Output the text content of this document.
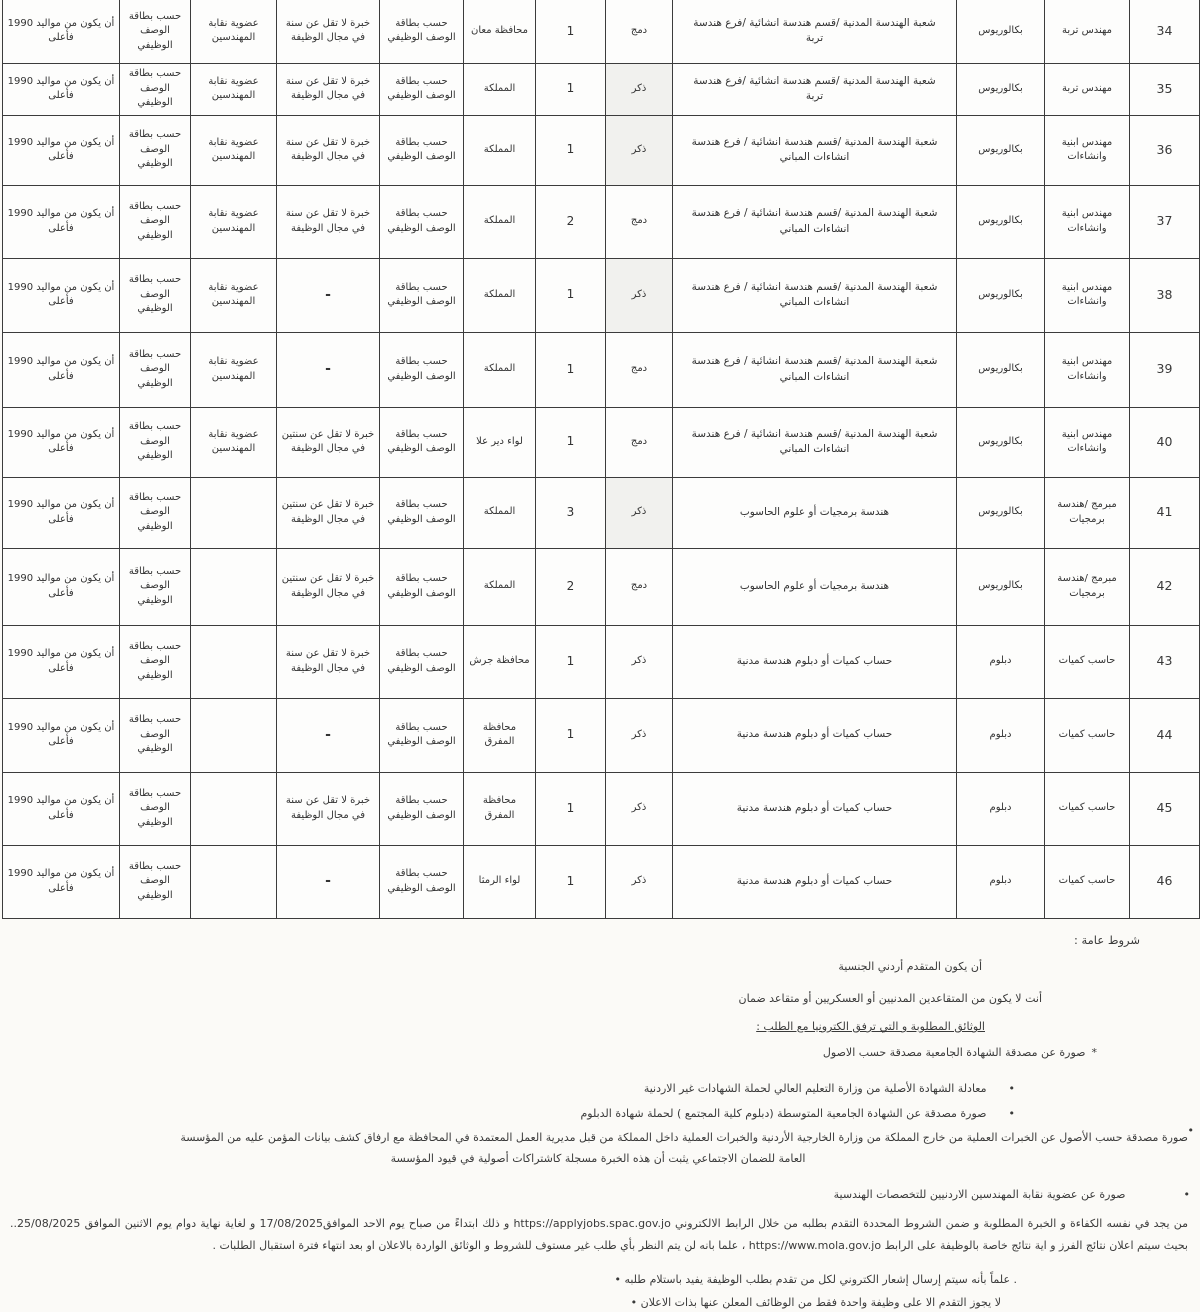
34	مهندس تربة	بكالوريوس	شعبة الهندسة المدنية /قسم هندسة انشائية /فرع هندسة تربة	دمج	1	محافظة معان	حسب بطاقة الوصف الوظيفي	خبرة لا تقل عن سنة في مجال الوظيفة	عضوية نقابة المهندسين	حسب بطاقة الوصف الوظيفي	أن يكون من مواليد 1990 فأعلى
35	مهندس تربة	بكالوريوس	شعبة الهندسة المدنية /قسم هندسة انشائية /فرع هندسة تربة	ذكر	1	المملكة	حسب بطاقة الوصف الوظيفي	خبرة لا تقل عن سنة في مجال الوظيفة	عضوية نقابة المهندسين	حسب بطاقة الوصف الوظيفي	أن يكون من مواليد 1990 فأعلى
36	مهندس ابنية وانشاءات	بكالوريوس	شعبة الهندسة المدنية /قسم هندسة انشائية / فرع هندسة انشاءات المباني	ذكر	1	المملكة	حسب بطاقة الوصف الوظيفي	خبرة لا تقل عن سنة في مجال الوظيفة	عضوية نقابة المهندسين	حسب بطاقة الوصف الوظيفي	أن يكون من مواليد 1990 فأعلى
37	مهندس ابنية وانشاءات	بكالوريوس	شعبة الهندسة المدنية /قسم هندسة انشائية / فرع هندسة انشاءات المباني	دمج	2	المملكة	حسب بطاقة الوصف الوظيفي	خبرة لا تقل عن سنة في مجال الوظيفة	عضوية نقابة المهندسين	حسب بطاقة الوصف الوظيفي	أن يكون من مواليد 1990 فأعلى
38	مهندس ابنية وانشاءات	بكالوريوس	شعبة الهندسة المدنية /قسم هندسة انشائية / فرع هندسة انشاءات المباني	ذكر	1	المملكة	حسب بطاقة الوصف الوظيفي	-	عضوية نقابة المهندسين	حسب بطاقة الوصف الوظيفي	أن يكون من مواليد 1990 فأعلى
39	مهندس ابنية وانشاءات	بكالوريوس	شعبة الهندسة المدنية /قسم هندسة انشائية / فرع هندسة انشاءات المباني	دمج	1	المملكة	حسب بطاقة الوصف الوظيفي	-	عضوية نقابة المهندسين	حسب بطاقة الوصف الوظيفي	أن يكون من مواليد 1990 فأعلى
40	مهندس ابنية وانشاءات	بكالوريوس	شعبة الهندسة المدنية /قسم هندسة انشائية / فرع هندسة انشاءات المباني	دمج	1	لواء دير علا	حسب بطاقة الوصف الوظيفي	خبرة لا تقل عن سنتين في مجال الوظيفة	عضوية نقابة المهندسين	حسب بطاقة الوصف الوظيفي	أن يكون من مواليد 1990 فأعلى
41	مبرمج /هندسة برمجيات	بكالوريوس	هندسة برمجيات أو علوم الحاسوب	ذكر	3	المملكة	حسب بطاقة الوصف الوظيفي	خبرة لا تقل عن سنتين في مجال الوظيفة		حسب بطاقة الوصف الوظيفي	أن يكون من مواليد 1990 فأعلى
42	مبرمج /هندسة برمجيات	بكالوريوس	هندسة برمجيات أو علوم الحاسوب	دمج	2	المملكة	حسب بطاقة الوصف الوظيفي	خبرة لا تقل عن سنتين في مجال الوظيفة		حسب بطاقة الوصف الوظيفي	أن يكون من مواليد 1990 فأعلى
43	حاسب كميات	دبلوم	حساب كميات أو دبلوم هندسة مدنية	ذكر	1	محافظة جرش	حسب بطاقة الوصف الوظيفي	خبرة لا تقل عن سنة في مجال الوظيفة		حسب بطاقة الوصف الوظيفي	أن يكون من مواليد 1990 فأعلى
44	حاسب كميات	دبلوم	حساب كميات أو دبلوم هندسة مدنية	ذكر	1	محافظة المفرق	حسب بطاقة الوصف الوظيفي	-		حسب بطاقة الوصف الوظيفي	أن يكون من مواليد 1990 فأعلى
45	حاسب كميات	دبلوم	حساب كميات أو دبلوم هندسة مدنية	ذكر	1	محافظة المفرق	حسب بطاقة الوصف الوظيفي	خبرة لا تقل عن سنة في مجال الوظيفة		حسب بطاقة الوصف الوظيفي	أن يكون من مواليد 1990 فأعلى
46	حاسب كميات	دبلوم	حساب كميات أو دبلوم هندسة مدنية	ذكر	1	لواء الرمثا	حسب بطاقة الوصف الوظيفي	-		حسب بطاقة الوصف الوظيفي	أن يكون من مواليد 1990 فأعلى
شروط عامة :
أن يكون المتقدم أردني الجنسية
أنت لا يكون من المتقاعدين المدنيين أو العسكريين أو متقاعد ضمان
الوثائق المطلوبة و التي ترفق الكترونيا مع الطلب :
*صورة عن مصدقة الشهادة الجامعية مصدقة حسب الاصول
•معادلة الشهادة الأصلية من وزارة التعليم العالي لحملة الشهادات غير الاردنية
•صورة مصدقة عن الشهادة الجامعية المتوسطة (دبلوم كلية المجتمع ) لحملة شهادة الدبلوم
•
صورة مصدقة حسب الأصول عن الخبرات العملية من خارج المملكة من وزارة الخارجية الأردنية والخبرات العملية داخل المملكة من قبل مديرية العمل المعتمدة في المحافظة مع ارفاق كشف بيانات المؤمن عليه من المؤسسة
العامة للضمان الاجتماعي يثبت أن هذه الخبرة مسجلة كاشتراكات أصولية في قيود المؤسسة
•صورة عن عضوية نقابة المهندسين الاردنيين للتخصصات الهندسية
من يجد في نفسه الكفاءة و الخبرة المطلوبة و ضمن الشروط المحددة التقدم بطلبه من خلال الرابط الالكتروني https://applyjobs.spac.gov.jo و ذلك ابتداءً من صباح يوم الاحد الموافق17/08/2025 و لغاية نهاية دوام يوم الاثنين الموافق 25/08/2025.. بحيث سيتم اعلان نتائج الفرز و اية نتائج خاصة بالوظيفة على الرابط https://www.mola.gov.jo ، علما بانه لن يتم النظر بأي طلب غير مستوف للشروط و الوثائق الواردة بالاعلان او بعد انتهاء فترة استقبال الطلبات .
. علماً بأنه سيتم إرسال إشعار الكتروني لكل من تقدم بطلب الوظيفة يفيد باستلام طلبه •
لا يجوز التقدم الا على وظيفة واحدة فقط من الوظائف المعلن عنها بذات الاعلان •
